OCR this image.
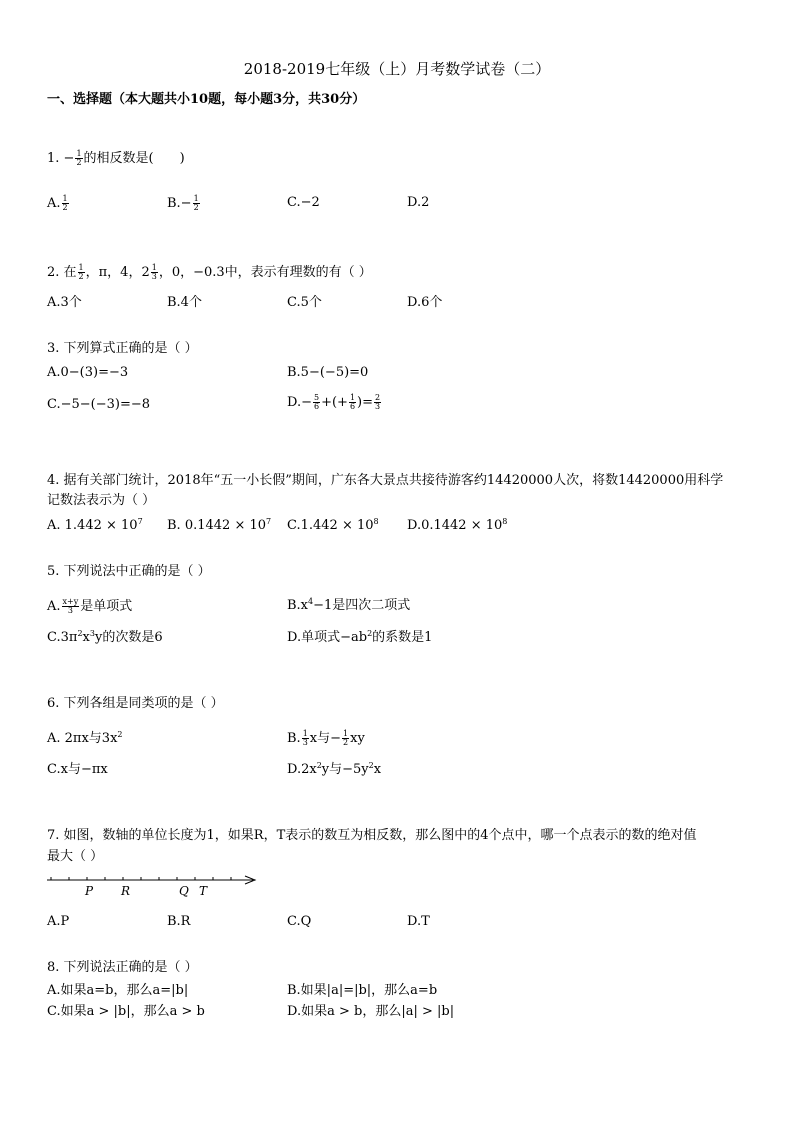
2018-2019七年级（上）月考数学试卷（二）
一、选择题（本大题共小10题，每小题3分，共30分）
1. − $\frac{1}{2}$ 的相反数是(　　)
A. $\frac{1}{2}$	$B.- \frac{1}{2}$	C.−2	D.2
2. 在 $\frac{1}{2}$ ，π，4，$2 \frac{1}{3}$ ，0，−0.3中，表示有理数的有（ ）
A.3个	B.4个	C.5个	D.6个
3. 下列算式正确的是（ ）
A.0−(3)=−3	B.5−(−5)=0
C.−5−(−3)=−8	$D.- \frac{5}{6}$ +(+ $\frac{1}{6}$ )= $\frac{2}{3}$
4. 据有关部门统计，2018年“五一小长假”期间，广东各大景点共接待游客约14420000人次，将数14420000用科学
记数法表示为（ ）
A. $1.442 \times 10^7$ B. $0.1442 \times 10^7$ $C.1.442 \times 10^8$ $D.0.1442 \times 10^8$
5. 下列说法中正确的是（ ）
A. $\frac{x+y}{3}$ 是单项式	$B.x^4-1$是四次二项式
$C.3\pi^2x^3y$的次数是6	D.单项式$-ab^2$的系数是1
6. 下列各组是同类项的是（ ）
A. 2πx与$3x^2$	B. $\frac{1}{3}$ x与− $\frac{1}{2}$ xy
C.x与−πx	$D.2x^2y$与$-5y^2x$
7. 如图，数轴的单位长度为1，如果R，T表示的数互为相反数，那么图中的4个点中，哪一个点表示的数的绝对值
最大（ ）
P R	Q T
A.P	B.R	C.Q	D.T
8. 下列说法正确的是（ ）
A.如果a=b，那么a=|b|	B.如果|a|=|b|，那么a=b
C.如果a > |b|，那么a > b	D.如果a > b，那么|a| > |b|
